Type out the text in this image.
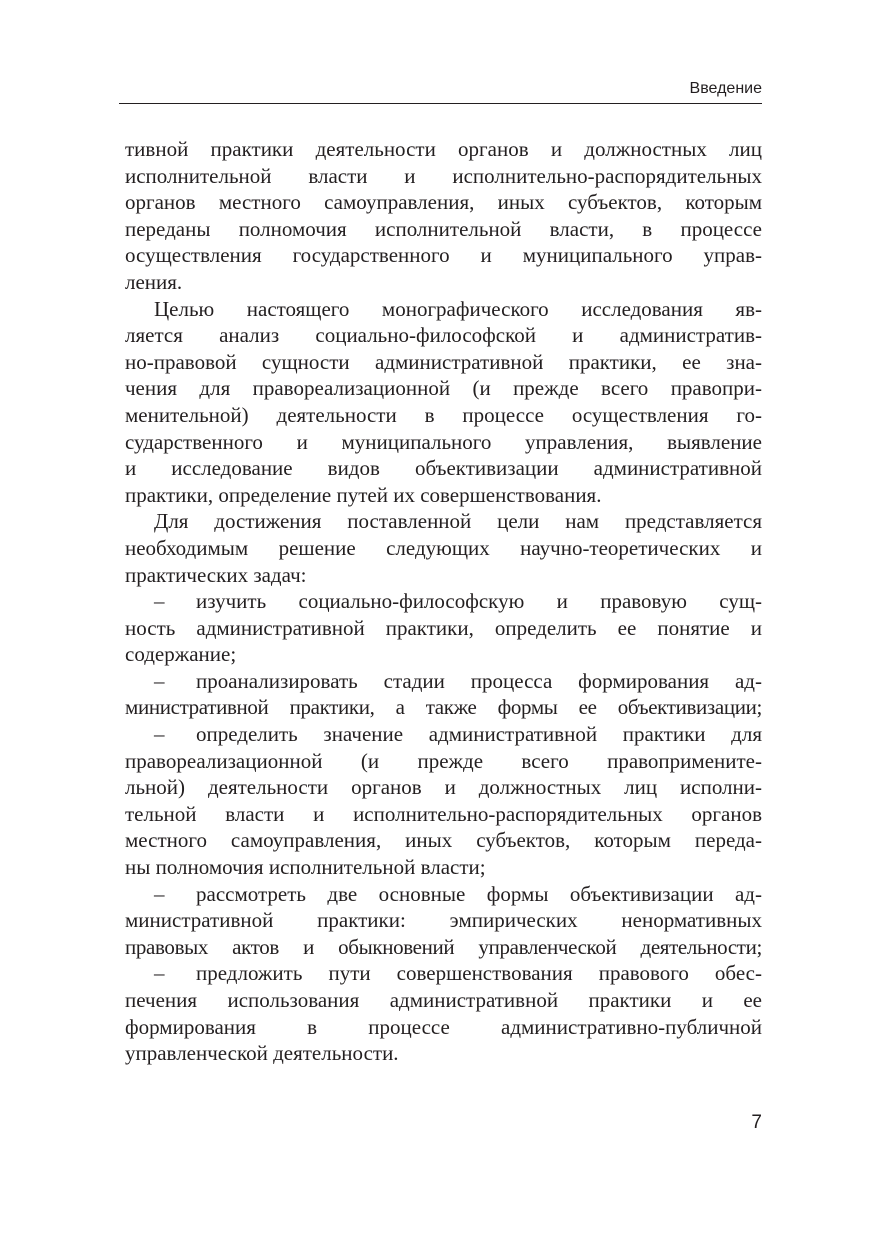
Введение

тивной практики деятельности органов и должностных лиц

исполнительной власти и исполнительно-распорядительных

органов местного самоуправления, иных субъектов, которым

переданы полномочия исполнительной власти, в процессе

осуществления государственного и муниципального управ-

ления.

Целью настоящего монографического исследования яв-

ляется анализ социально-философской и административ-

но-правовой сущности административной практики, ее зна-

чения для правореализационной (и прежде всего правопри-

менительной) деятельности в процессе осуществления го-

сударственного и муниципального управления, выявление

и исследование видов объективизации административной

практики, определение путей их совершенствования.

Для достижения поставленной цели нам представляется

необходимым решение следующих научно-теоретических и

практических задач:

– изучить социально-философскую и правовую сущ-

ность административной практики, определить ее понятие и

содержание;

– проанализировать стадии процесса формирования ад-

министративной практики, а также формы ее объективизации;

– определить значение административной практики для

правореализационной (и прежде всего правопримените-

льной) деятельности органов и должностных лиц исполни-

тельной власти и исполнительно-распорядительных органов

местного самоуправления, иных субъектов, которым переда-

ны полномочия исполнительной власти;

– рассмотреть две основные формы объективизации ад-

министративной практики: эмпирических ненормативных

правовых актов и обыкновений управленческой деятельности;

– предложить пути совершенствования правового обес-

печения использования административной практики и ее

формирования в процессе административно-публичной

управленческой деятельности.

7
